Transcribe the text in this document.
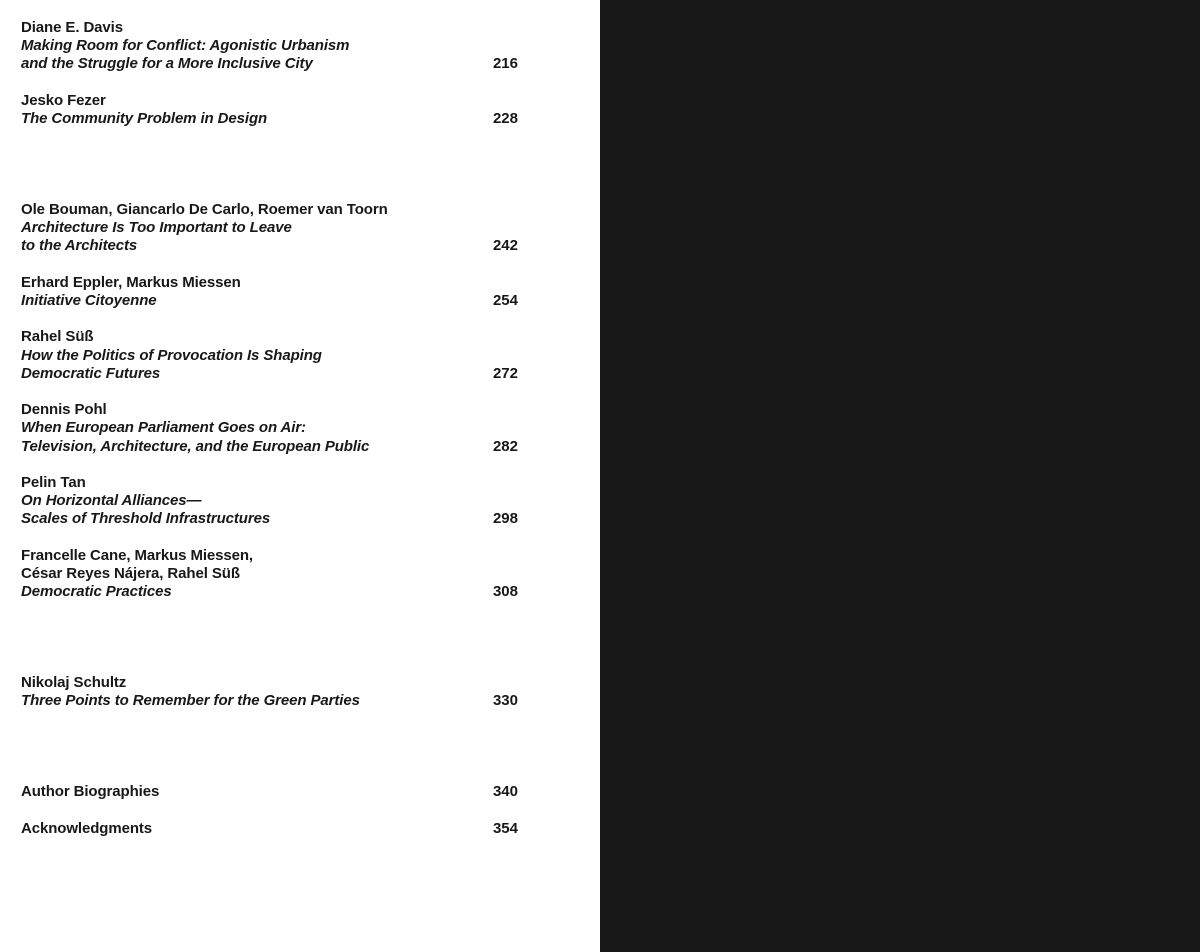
Diane E. Davis
Making Room for Conflict: Agonistic Urbanism
and the Struggle for a More Inclusive City	216
Jesko Fezer
The Community Problem in Design	228
Ole Bouman, Giancarlo De Carlo, Roemer van Toorn
Architecture Is Too Important to Leave
to the Architects	242
Erhard Eppler, Markus Miessen
Initiative Citoyenne	254
Rahel Süß
How the Politics of Provocation Is Shaping
Democratic Futures	272
Dennis Pohl
When European Parliament Goes on Air:
Television, Architecture, and the European Public	282
Pelin Tan
On Horizontal Alliances—
Scales of Threshold Infrastructures	298
Francelle Cane, Markus Miessen,
César Reyes Nájera, Rahel Süß
Democratic Practices	308
Nikolaj Schultz
Three Points to Remember for the Green Parties	330
Author Biographies	340
Acknowledgments	354
